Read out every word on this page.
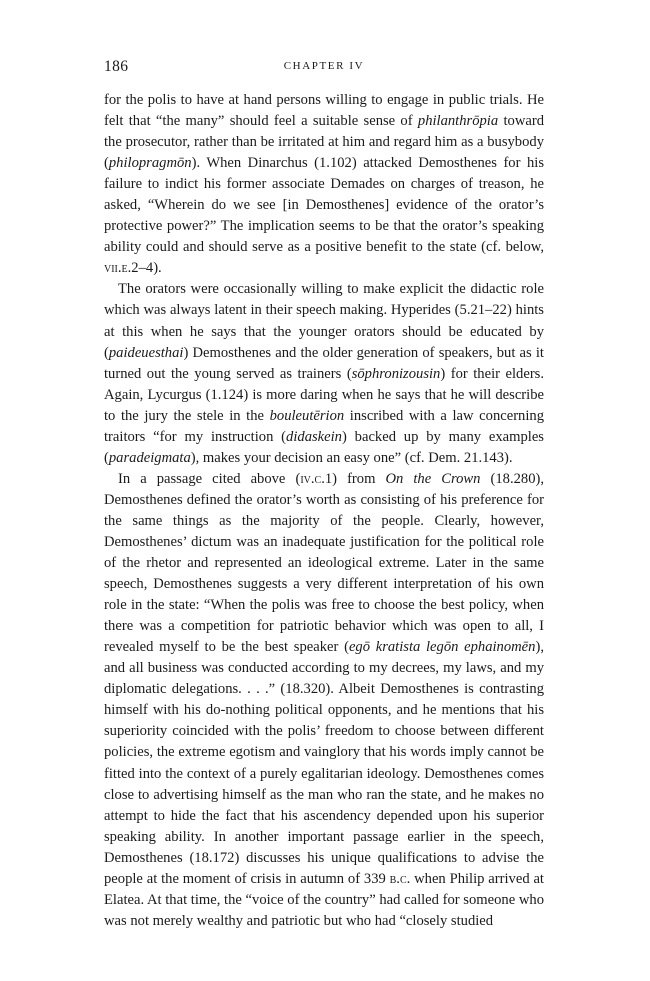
186	CHAPTER IV

for the polis to have at hand persons willing to engage in public trials. He felt that “the many” should feel a suitable sense of philanthrōpia toward the prosecutor, rather than be irritated at him and regard him as a busybody (philopragmōn). When Dinarchus (1.102) attacked Demosthenes for his failure to indict his former associate Demades on charges of treason, he asked, “Wherein do we see [in Demosthenes] evidence of the orator’s protective power?” The implication seems to be that the orator’s speaking ability could and should serve as a positive benefit to the state (cf. below, vii.e.2–4).

The orators were occasionally willing to make explicit the didactic role which was always latent in their speech making. Hyperides (5.21–22) hints at this when he says that the younger orators should be educated by (paideuesthai) Demosthenes and the older generation of speakers, but as it turned out the young served as trainers (sōphronizousin) for their elders. Again, Lycurgus (1.124) is more daring when he says that he will describe to the jury the stele in the bouleutērion inscribed with a law concerning traitors “for my instruction (didaskein) backed up by many examples (paradeigmata), makes your decision an easy one” (cf. Dem. 21.143).

In a passage cited above (iv.c.1) from On the Crown (18.280), Demosthenes defined the orator’s worth as consisting of his preference for the same things as the majority of the people. Clearly, however, Demosthenes’ dictum was an inadequate justification for the political role of the rhetor and represented an ideological extreme. Later in the same speech, Demosthenes suggests a very different interpretation of his own role in the state: “When the polis was free to choose the best policy, when there was a competition for patriotic behavior which was open to all, I revealed myself to be the best speaker (egō kratista legōn ephainomēn), and all business was conducted according to my decrees, my laws, and my diplomatic delegations. . . .” (18.320). Albeit Demosthenes is contrasting himself with his do-nothing political opponents, and he mentions that his superiority coincided with the polis’ freedom to choose between different policies, the extreme egotism and vainglory that his words imply cannot be fitted into the context of a purely egalitarian ideology. Demosthenes comes close to advertising himself as the man who ran the state, and he makes no attempt to hide the fact that his ascendency depended upon his superior speaking ability. In another important passage earlier in the speech, Demosthenes (18.172) discusses his unique qualifications to advise the people at the moment of crisis in autumn of 339 b.c. when Philip arrived at Elatea. At that time, the “voice of the country” had called for someone who was not merely wealthy and patriotic but who had “closely studied
